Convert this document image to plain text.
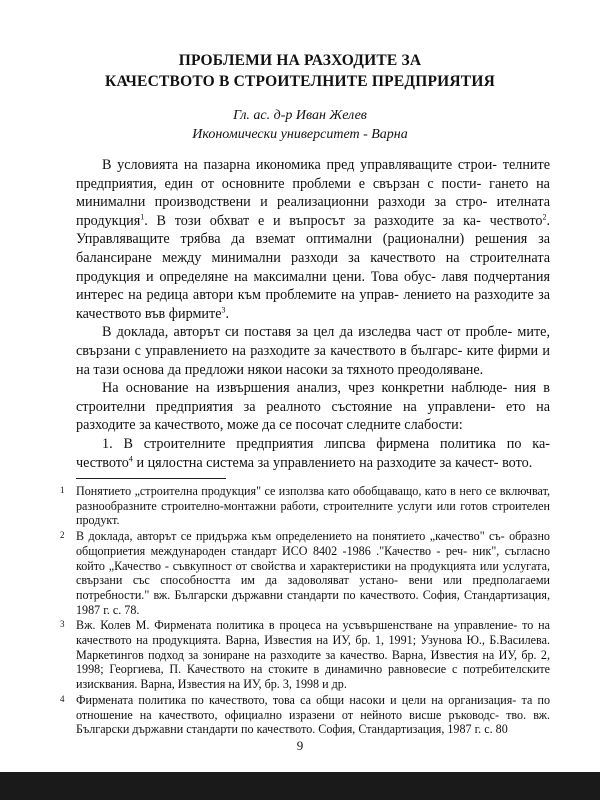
ПРОБЛЕМИ НА РАЗХОДИТЕ ЗА
КАЧЕСТВОТО В СТРОИТЕЛНИТЕ ПРЕДПРИЯТИЯ
Гл. ас. д-р Иван Желев
Икономически университет - Варна

В условията на пазарна икономика пред управляващите строи- телните предприятия, един от основните проблеми е свързан с пости- гането на минимални производствени и реализационни разходи за стро- ителната продукция$^1$. В този обхват е и въпросът за разходите за ка- чеството$^2$. Управляващите трябва да вземат оптимални (рационални) решения за балансиране между минимални разходи за качеството на строителната продукция и определяне на максимални цени. Това обус- лавя подчертания интерес на редица автори към проблемите на управ- лението на разходите за качеството във фирмите$^3$.

В доклада, авторът си поставя за цел да изследва част от пробле- мите, свързани с управлението на разходите за качеството в българс- ките фирми и на тази основа да предложи някои насоки за тяхното преодоляване.

На основание на извършения анализ, чрез конкретни наблюде- ния в строителни предприятия за реалното състояние на управлени- ето на разходите за качеството, може да се посочат следните слабости:

1. В строителните предприятия липсва фирмена политика по ка- чеството$^4$ и цялостна система за управлението на разходите за качест- вото.

1 Понятието „строителна продукция" се използва като обобщаващо, като в него се включват, разнообразните строително-монтажни работи, строителните услуги или готов строителен продукт.
2 В доклада, авторът се придържа към определението на понятието „качество" съ- образно общоприетия международен стандарт ИСО 8402 -1986 ."Качество - реч- ник", съгласно който „Качество - съвкупност от свойства и характеристики на продукцията или услугата, свързани със способността им да задоволяват устано- вени или предполагаеми потребности." вж. Български държавни стандарти по качеството. София, Стандартизация, 1987 г. с. 78.
3 Вж. Колев М. Фирмената политика в процеса на усъвършенстване на управление- то на качеството на продукцията. Варна, Известия на ИУ, бр. 1, 1991; Узунова Ю., Б.Василева. Маркетингов подход за зониране на разходите за качество. Варна, Известия на ИУ, бр. 2, 1998; Георгиева, П. Качеството на стоките в динамично равновесие с потребителските изисквания. Варна, Известия на ИУ, бр. 3, 1998 и др.
4 Фирмената политика по качеството, това са общи насоки и цели на организация- та по отношение на качеството, официално изразени от нейното висше ръководс- тво. вж. Български държавни стандарти по качеството. София, Стандартизация, 1987 г. с. 80
9
